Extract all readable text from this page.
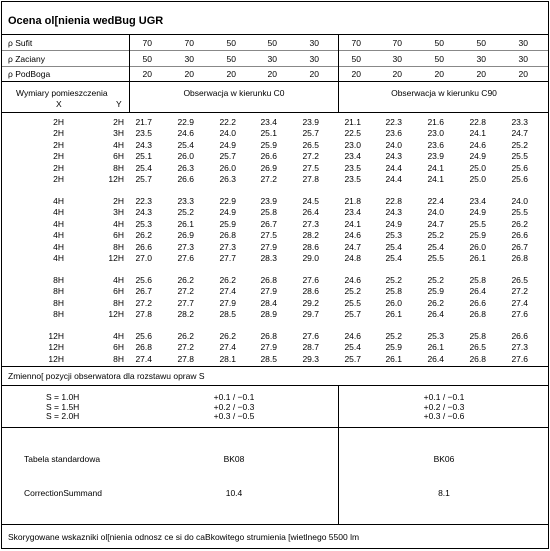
Ocena ol[nienia wedBug UGR
ρ Sufit	70	70	50	50	30	70	70	50	50	30
ρ Zaciany	50	30	50	30	30	50	30	50	30	30
ρ PodBoga	20	20	20	20	20	20	20	20	20	20
Wymiary pomieszczenia
X	Y
Obserwacja w kierunku C0	Obserwacja w kierunku C90
2H	2H	21.7	22.9	22.2	23.4	23.9	21.1	22.3	21.6	22.8	23.3
2H	3H	23.5	24.6	24.0	25.1	25.7	22.5	23.6	23.0	24.1	24.7
2H	4H	24.3	25.4	24.9	25.9	26.5	23.0	24.0	23.6	24.6	25.2
2H	6H	25.1	26.0	25.7	26.6	27.2	23.4	24.3	23.9	24.9	25.5
2H	8H	25.4	26.3	26.0	26.9	27.5	23.5	24.4	24.1	25.0	25.6
2H	12H	25.7	26.6	26.3	27.2	27.8	23.5	24.4	24.1	25.0	25.6
4H	2H	22.3	23.3	22.9	23.9	24.5	21.8	22.8	22.4	23.4	24.0
4H	3H	24.3	25.2	24.9	25.8	26.4	23.4	24.3	24.0	24.9	25.5
4H	4H	25.3	26.1	25.9	26.7	27.3	24.1	24.9	24.7	25.5	26.2
4H	6H	26.2	26.9	26.8	27.5	28.2	24.6	25.3	25.2	25.9	26.6
4H	8H	26.6	27.3	27.3	27.9	28.6	24.7	25.4	25.4	26.0	26.7
4H	12H	27.0	27.6	27.7	28.3	29.0	24.8	25.4	25.5	26.1	26.8
8H	4H	25.6	26.2	26.2	26.8	27.6	24.6	25.2	25.2	25.8	26.5
8H	6H	26.7	27.2	27.4	27.9	28.6	25.2	25.8	25.9	26.4	27.2
8H	8H	27.2	27.7	27.9	28.4	29.2	25.5	26.0	26.2	26.6	27.4
8H	12H	27.8	28.2	28.5	28.9	29.7	25.7	26.1	26.4	26.8	27.6
12H	4H	25.6	26.2	26.2	26.8	27.6	24.6	25.2	25.3	25.8	26.6
12H	6H	26.8	27.2	27.4	27.9	28.7	25.4	25.9	26.1	26.5	27.3
12H	8H	27.4	27.8	28.1	28.5	29.3	25.7	26.1	26.4	26.8	27.6
Zmienno[ pozycji obserwatora dla rozstawu opraw S
S = 1.0H	+0.1 / −0.1	+0.1 / −0.1
S = 1.5H	+0.2 / −0.3	+0.2 / −0.3
S = 2.0H	+0.3 / −0.5	+0.3 / −0.6
Tabela standardowa	BK08	BK06
CorrectionSummand	10.4	8.1
Skorygowane wskazniki ol[nienia odnosz ce si do caBkowitego strumienia [wietlnego 5500 lm
